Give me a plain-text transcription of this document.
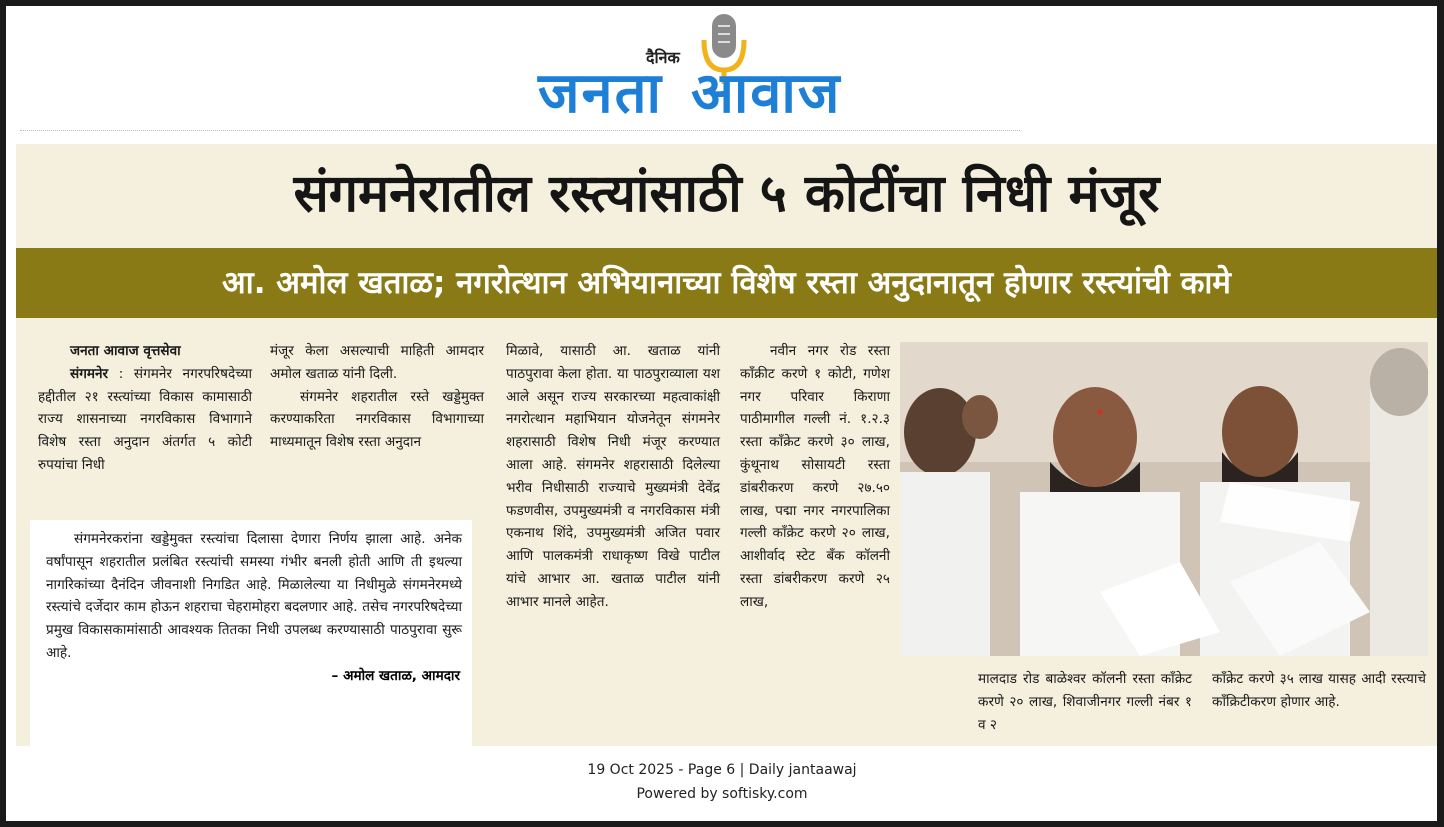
दैनिक
जनता आवाज
संगमनेरातील रस्त्यांसाठी ५ कोटींचा निधी मंजूर
आ. अमोल खताळ; नगरोत्थान अभियानाच्या विशेष रस्ता अनुदानातून होणार रस्त्यांची कामे

जनता आवाज वृत्तसेवा

संगमनेर : संगमनेर नगरपरिषदेच्या हद्दीतील २१ रस्त्यांच्या विकास कामासाठी राज्य शासनाच्या नगरविकास विभागाने विशेष रस्ता अनुदान अंतर्गत ५ कोटी रुपयांचा निधी

मंजूर केला असल्याची माहिती आमदार अमोल खताळ यांनी दिली.

संगमनेर शहरातील रस्ते खड्डेमुक्त करण्याकरिता नगरविकास विभागाच्या माध्यमातून विशेष रस्ता अनुदान

संगमनेरकरांना खड्डेमुक्त रस्त्यांचा दिलासा देणारा निर्णय झाला आहे. अनेक वर्षांपासून शहरातील प्रलंबित रस्त्यांची समस्या गंभीर बनली होती आणि ती इथल्या नागरिकांच्या दैनंदिन जीवनाशी निगडित आहे. मिळालेल्या या निधीमुळे संगमनेरमध्ये रस्त्यांचे दर्जेदार काम होऊन शहराचा चेहरामोहरा बदलणार आहे. तसेच नगरपरिषदेच्या प्रमुख विकासकामांसाठी आवश्यक तितका निधी उपलब्ध करण्यासाठी पाठपुरावा सुरू आहे.

– अमोल खताळ, आमदार

मिळावे, यासाठी आ. खताळ यांनी पाठपुरावा केला होता. या पाठपुराव्याला यश आले असून राज्य सरकारच्या महत्वाकांक्षी नगरोत्थान महाभियान योजनेतून संगमनेर शहरासाठी विशेष निधी मंजूर करण्यात आला आहे. संगमनेर शहरासाठी दिलेल्या भरीव निधीसाठी राज्याचे मुख्यमंत्री देवेंद्र फडणवीस, उपमुख्यमंत्री व नगरविकास मंत्री एकनाथ शिंदे, उपमुख्यमंत्री अजित पवार आणि पालकमंत्री राधाकृष्ण विखे पाटील यांचे आभार आ. खताळ पाटील यांनी आभार मानले आहेत.

नवीन नगर रोड रस्ता कॉंक्रीट करणे १ कोटी, गणेश नगर परिवार किराणा पाठीमागील गल्ली नं. १.२.३ रस्ता कॉंक्रेट करणे ३० लाख, कुंथूनाथ सोसायटी रस्ता डांबरीकरण करणे २७.५० लाख, पद्मा नगर नगरपालिका गल्ली कॉंक्रेट करणे २० लाख, आशीर्वाद स्टेट बँक कॉलनी रस्ता डांबरीकरण करणे २५ लाख,

मालदाड रोड बाळेश्वर कॉलनी रस्ता कॉंक्रेट करणे २० लाख, शिवाजीनगर गल्ली नंबर १ व २

कॉंक्रेट करणे ३५ लाख यासह आदी रस्त्याचे कॉंक्रिटीकरण होणार आहे.

19 Oct 2025 - Page 6 | Daily jantaawaj
Powered by softisky.com
